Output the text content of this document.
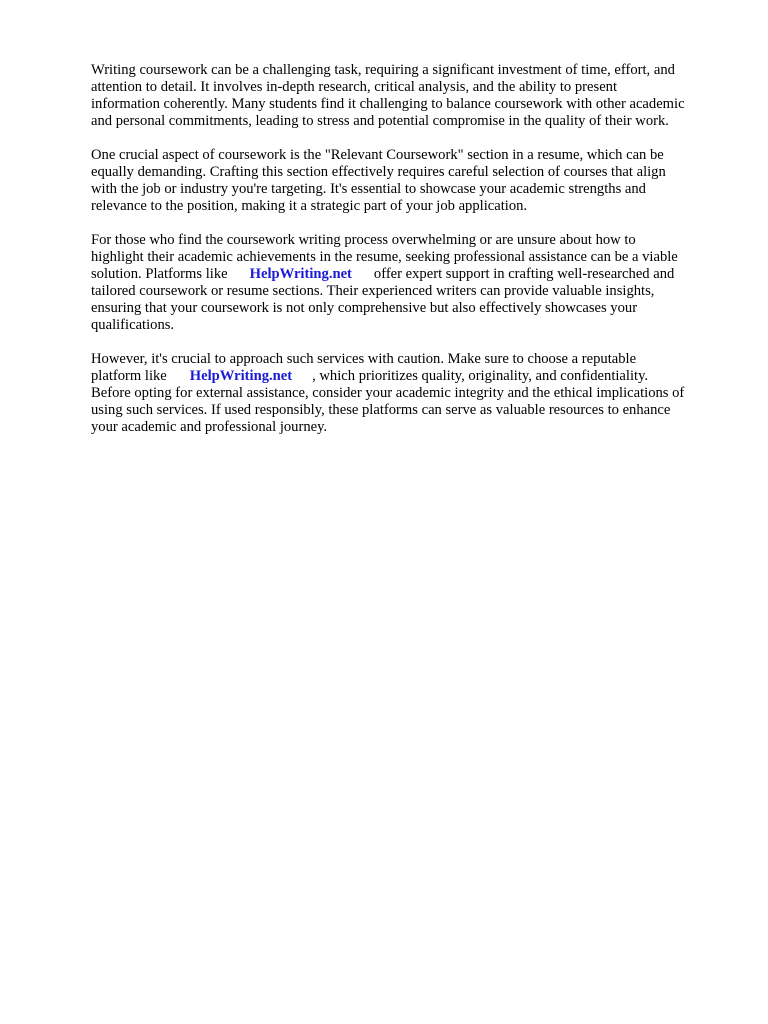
Writing coursework can be a challenging task, requiring a significant investment of time, effort, and
attention to detail. It involves in-depth research, critical analysis, and the ability to present
information coherently. Many students find it challenging to balance coursework with other academic
and personal commitments, leading to stress and potential compromise in the quality of their work.
One crucial aspect of coursework is the "Relevant Coursework" section in a resume, which can be
equally demanding. Crafting this section effectively requires careful selection of courses that align
with the job or industry you're targeting. It's essential to showcase your academic strengths and
relevance to the position, making it a strategic part of your job application.
For those who find the coursework writing process overwhelming or are unsure about how to
highlight their academic achievements in the resume, seeking professional assistance can be a viable
solution. Platforms like HelpWriting.net offer expert support in crafting well-researched and
tailored coursework or resume sections. Their experienced writers can provide valuable insights,
ensuring that your coursework is not only comprehensive but also effectively showcases your
qualifications.
However, it's crucial to approach such services with caution. Make sure to choose a reputable
platform like HelpWriting.net , which prioritizes quality, originality, and confidentiality.
Before opting for external assistance, consider your academic integrity and the ethical implications of
using such services. If used responsibly, these platforms can serve as valuable resources to enhance
your academic and professional journey.
